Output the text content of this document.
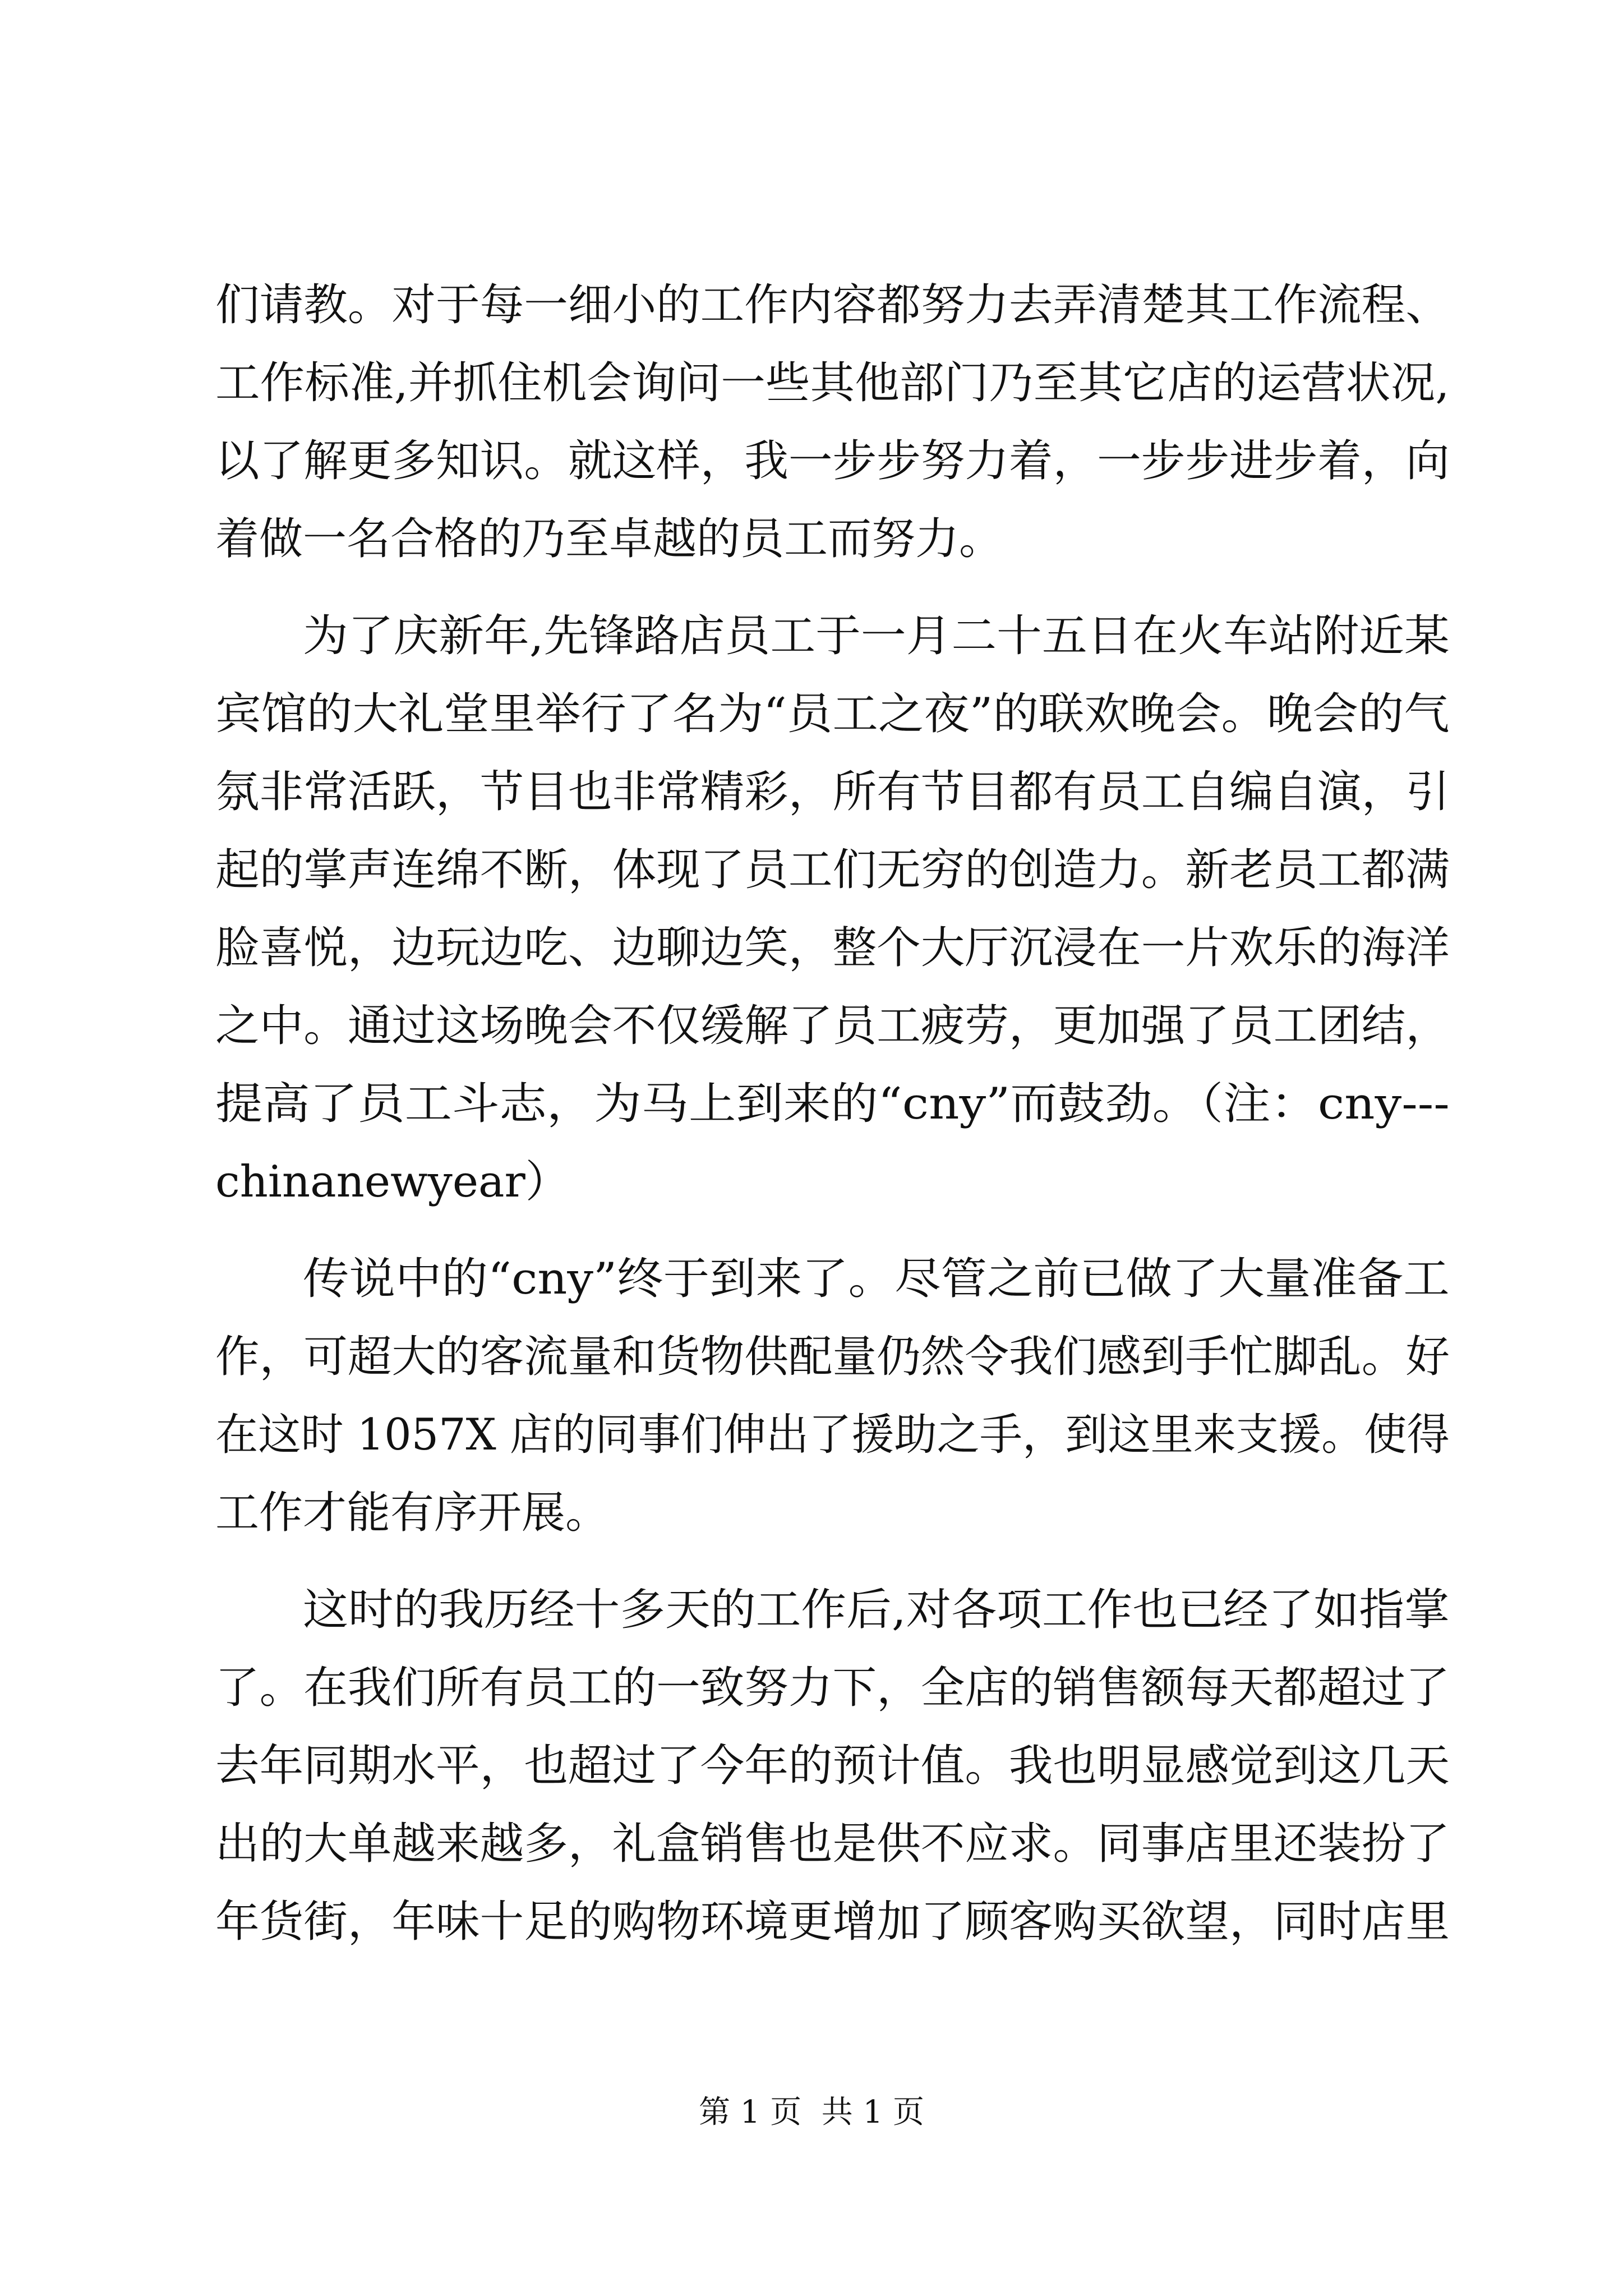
们请教。对于每一细小的工作内容都努力去弄清楚其工作流程、
工作标准,并抓住机会询问一些其他部门乃至其它店的运营状况,
以了解更多知识。就这样，我一步步努力着，一步步进步着，向
着做一名合格的乃至卓越的员工而努力。
为了庆新年,先锋路店员工于一月二十五日在火车站附近某
宾馆的大礼堂里举行了名为“员工之夜”的联欢晚会。晚会的气
氛非常活跃，节目也非常精彩，所有节目都有员工自编自演，引
起的掌声连绵不断，体现了员工们无穷的创造力。新老员工都满
脸喜悦，边玩边吃、边聊边笑，整个大厅沉浸在一片欢乐的海洋
之中。通过这场晚会不仅缓解了员工疲劳，更加强了员工团结，
提高了员工斗志，为马上到来的“cny”而鼓劲。（注：cny---
chinanewyear）
传说中的“cny”终于到来了。尽管之前已做了大量准备工
作，可超大的客流量和货物供配量仍然令我们感到手忙脚乱。好
在这时 1057X 店的同事们伸出了援助之手，到这里来支援。使得
工作才能有序开展。
这时的我历经十多天的工作后,对各项工作也已经了如指掌
了。在我们所有员工的一致努力下，全店的销售额每天都超过了
去年同期水平，也超过了今年的预计值。我也明显感觉到这几天
出的大单越来越多，礼盒销售也是供不应求。同事店里还装扮了
年货街，年味十足的购物环境更增加了顾客购买欲望，同时店里
第 1 页  共 1 页
